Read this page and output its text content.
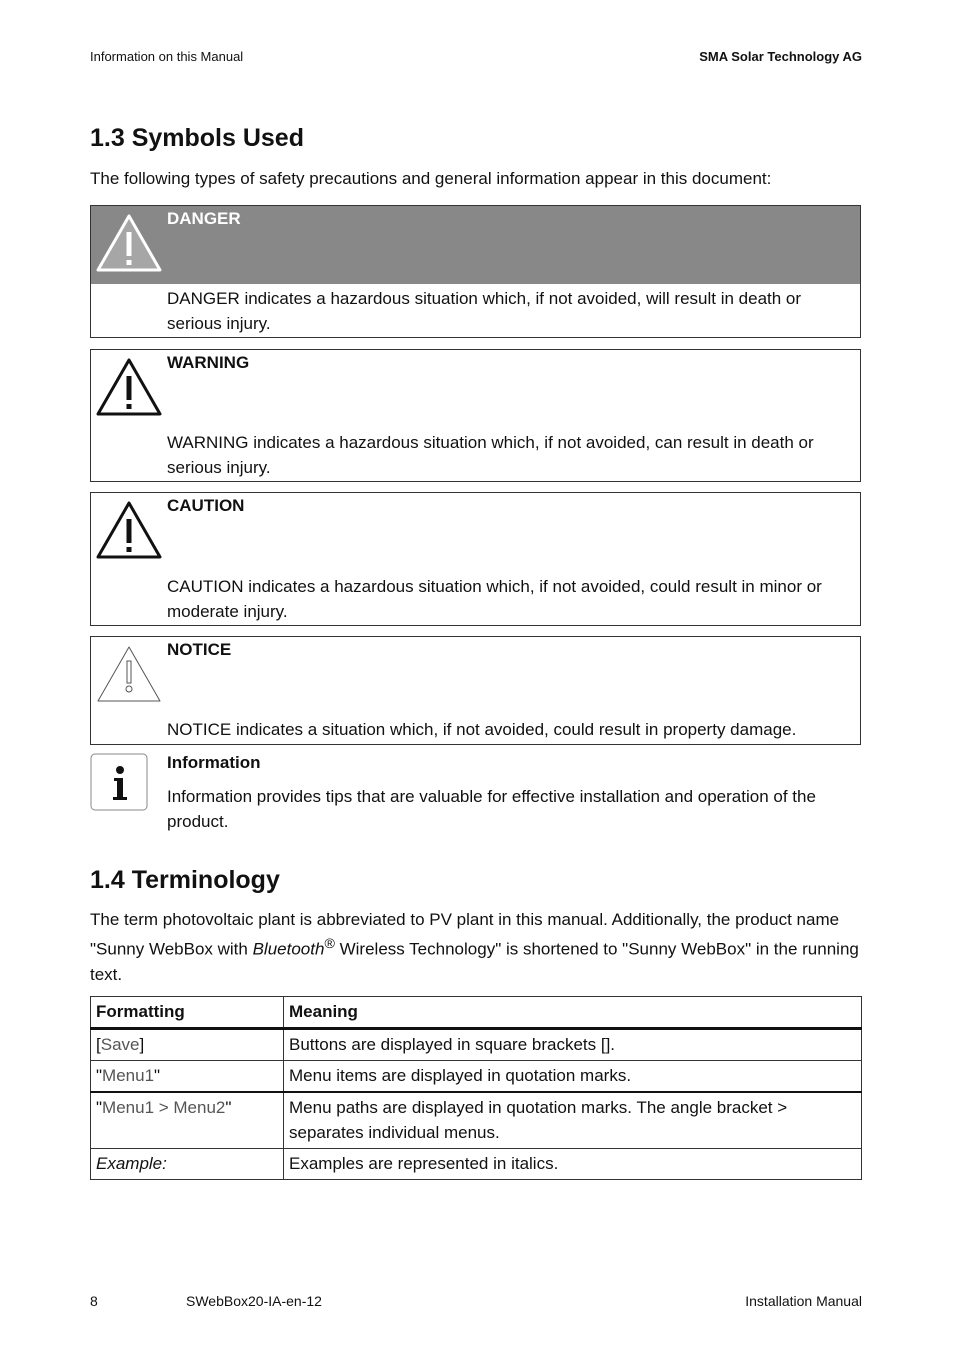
Information on this Manual	SMA Solar Technology AG
1.3 Symbols Used
The following types of safety precautions and general information appear in this document:
DANGER
DANGER indicates a hazardous situation which, if not avoided, will result in death or serious injury.
WARNING
WARNING indicates a hazardous situation which, if not avoided, can result in death or serious injury.
CAUTION
CAUTION indicates a hazardous situation which, if not avoided, could result in minor or moderate injury.
NOTICE
NOTICE indicates a situation which, if not avoided, could result in property damage.
Information
Information provides tips that are valuable for effective installation and operation of the product.
1.4 Terminology
The term photovoltaic plant is abbreviated to PV plant in this manual. Additionally, the product name "Sunny WebBox with Bluetooth® Wireless Technology" is shortened to "Sunny WebBox" in the running text.
Formatting	Meaning
[Save]	Buttons are displayed in square brackets [].
"Menu1"	Menu items are displayed in quotation marks.
"Menu1 > Menu2"	Menu paths are displayed in quotation marks. The angle bracket > separates individual menus.
Example:	Examples are represented in italics.
8	SWebBox20-IA-en-12	Installation Manual
